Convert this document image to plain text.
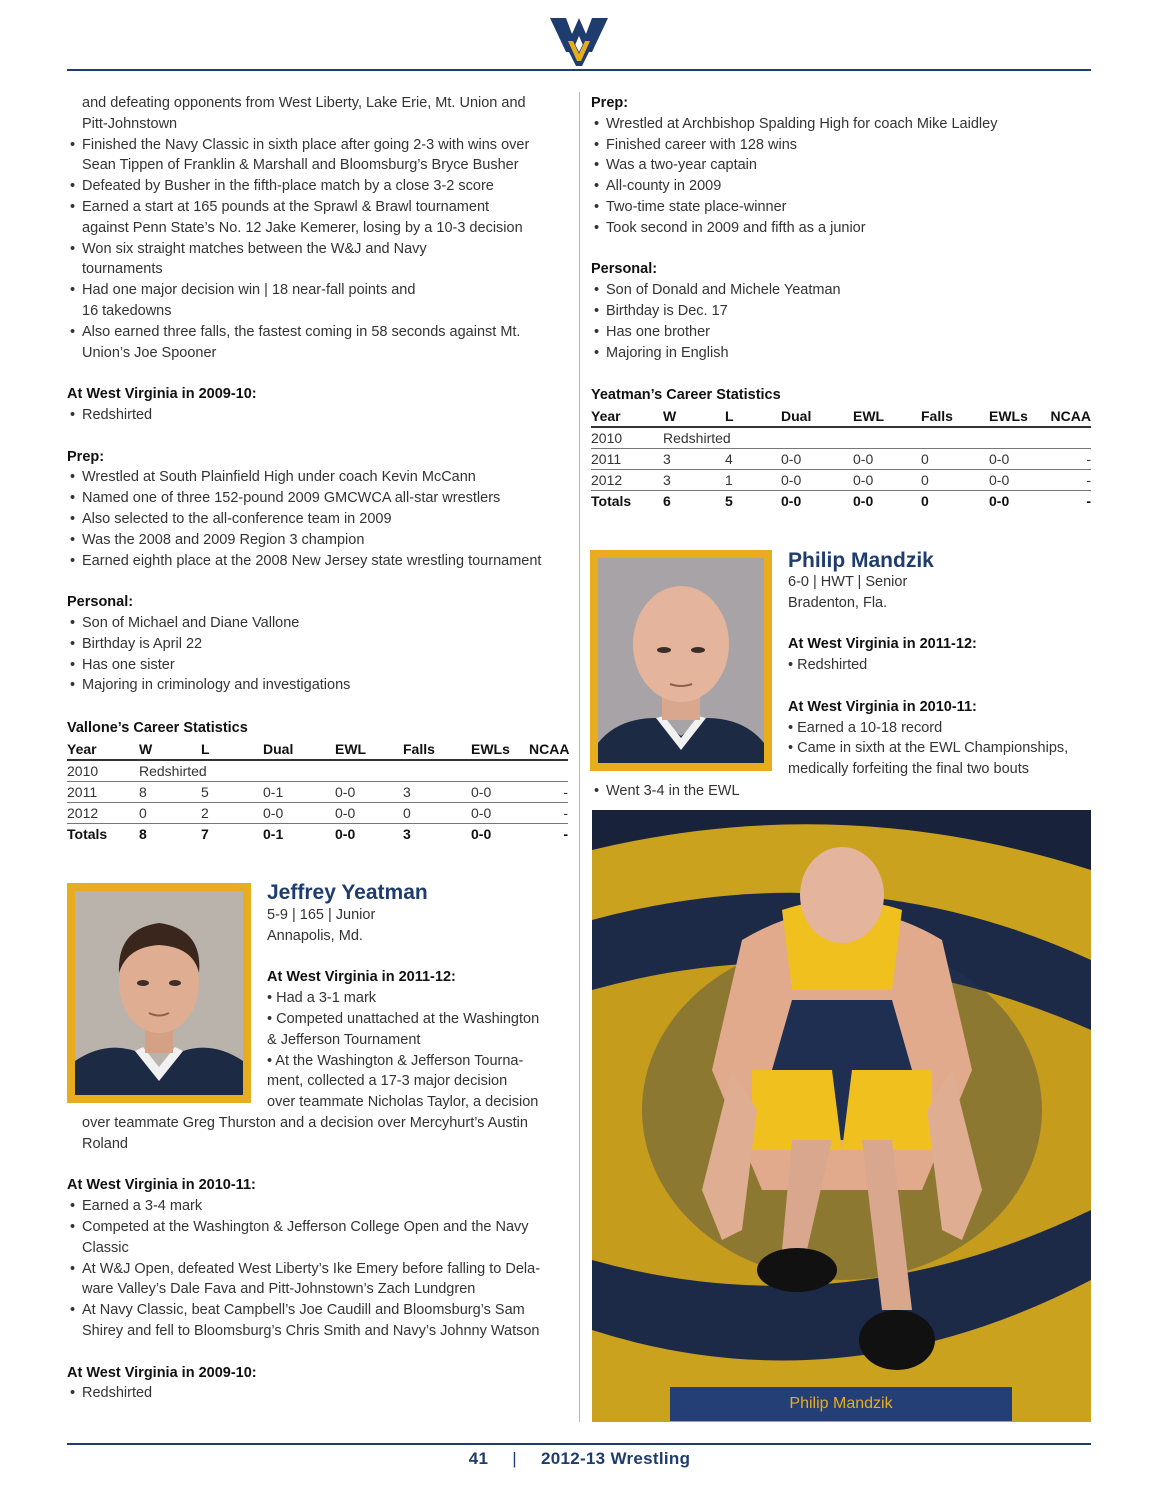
and defeating opponents from West Liberty, Lake Erie, Mt. Union and
Pitt-Johnstown
• Finished the Navy Classic in sixth place after going 2-3 with wins over Sean Tippen of Franklin & Marshall and Bloomsburg’s Bryce Busher
• Defeated by Busher in the fifth-place match by a close 3-2 score
• Earned a start at 165 pounds at the Sprawl & Brawl tournament against Penn State’s No. 12 Jake Kemerer, losing by a 10-3 decision
• Won six straight matches between the W&J and Navy tournaments
• Had one major decision win | 18 near-fall points and 16 takedowns
• Also earned three falls, the fastest coming in 58 seconds against Mt. Union’s Joe Spooner
At West Virginia in 2009-10:
• Redshirted
Prep:
• Wrestled at South Plainfield High under coach Kevin McCann
• Named one of three 152-pound 2009 GMCWCA all-star wrestlers
• Also selected to the all-conference team in 2009
• Was the 2008 and 2009 Region 3 champion
• Earned eighth place at the 2008 New Jersey state wrestling tournament
Personal:
• Son of Michael and Diane Vallone
• Birthday is April 22
• Has one sister
• Majoring in criminology and investigations
Vallone’s Career Statistics
Year	W	L	Dual	EWL	Falls	EWLs	NCAA
2010	Redshirted						
2011	8	5	0-1	0-0	3	0-0	-
2012	0	2	0-0	0-0	0	0-0	-
Totals	8	7	0-1	0-0	3	0-0	-
Jeffrey Yeatman
5-9 | 165 | Junior
Annapolis, Md.
At West Virginia in 2011-12:
• Had a 3-1 mark
• Competed unattached at the Washington
& Jefferson Tournament
• At the Washington & Jefferson Tourna-
ment, collected a 17-3 major decision
over teammate Nicholas Taylor, a decision
over teammate Greg Thurston and a decision over Mercyhurt’s Austin
Roland
At West Virginia in 2010-11:
• Earned a 3-4 mark
• Competed at the Washington & Jefferson College Open and the Navy Classic
• At W&J Open, defeated West Liberty’s Ike Emery before falling to Dela-ware Valley’s Dale Fava and Pitt-Johnstown’s Zach Lundgren
• At Navy Classic, beat Campbell’s Joe Caudill and Bloomsburg’s Sam Shirey and fell to Bloomsburg’s Chris Smith and Navy’s Johnny Watson
At West Virginia in 2009-10:
• Redshirted
Prep:
• Wrestled at Archbishop Spalding High for coach Mike Laidley
• Finished career with 128 wins
• Was a two-year captain
• All-county in 2009
• Two-time state place-winner
• Took second in 2009 and fifth as a junior
Personal:
• Son of Donald and Michele Yeatman
• Birthday is Dec. 17
• Has one brother
• Majoring in English
Yeatman’s Career Statistics
Year	W	L	Dual	EWL	Falls	EWLs	NCAA
2010	Redshirted						
2011	3	4	0-0	0-0	0	0-0	-
2012	3	1	0-0	0-0	0	0-0	-
Totals	6	5	0-0	0-0	0	0-0	-
Philip Mandzik
6-0 | HWT | Senior
Bradenton, Fla.
At West Virginia in 2011-12:
• Redshirted
At West Virginia in 2010-11:
• Earned a 10-18 record
• Came in sixth at the EWL Championships,
medically forfeiting the final two bouts
• Went 3-4 in the EWL
Philip Mandzik
41 | 2012-13 Wrestling
